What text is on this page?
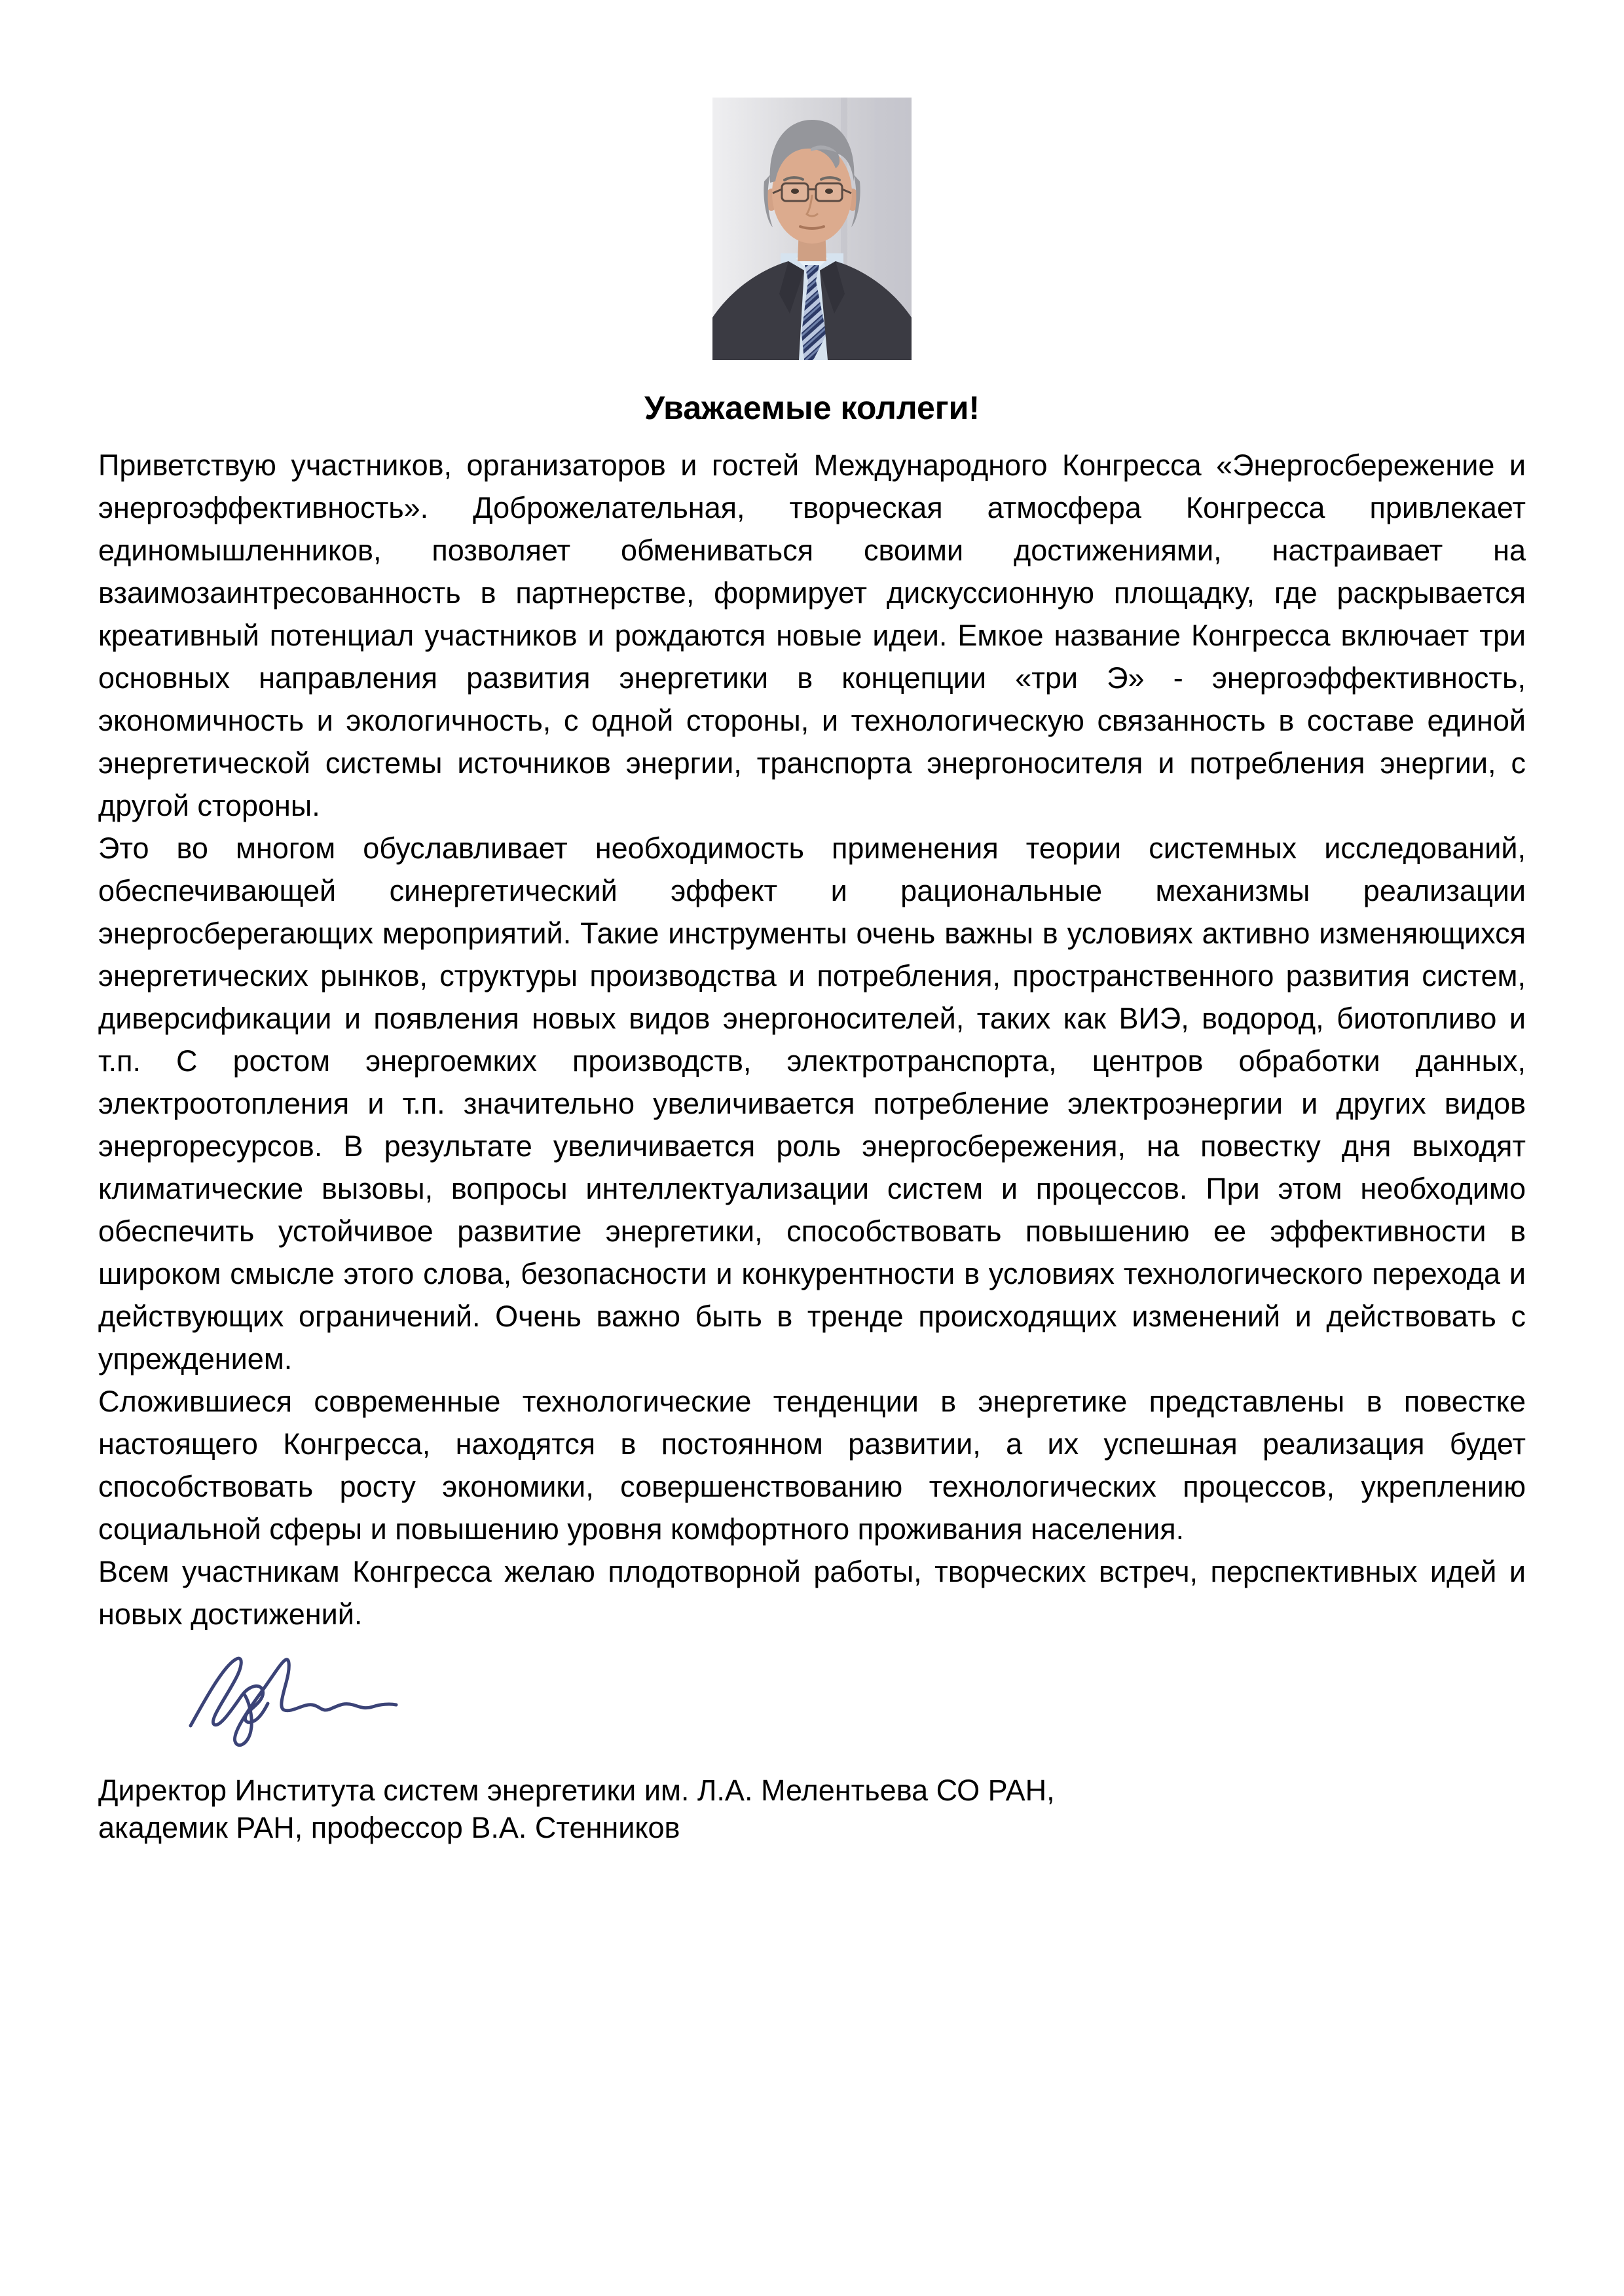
Уважаемые коллеги!

Приветствую участников, организаторов и гостей Международного Конгресса «Энергосбережение и энергоэффективность». Доброжелательная, творческая атмосфера Конгресса привлекает единомышленников, позволяет обмениваться своими достижениями, настраивает на взаимозаинтресованность в партнерстве, формирует дискуссионную площадку, где раскрывается креативный потенциал участников и рождаются новые идеи. Емкое название Конгресса включает три основных направления развития энергетики в концепции «три Э» - энергоэффективность, экономичность и экологичность, с одной стороны, и технологическую связанность в составе единой энергетической системы источников энергии, транспорта энергоносителя и потребления энергии, с другой стороны.

Это во многом обуславливает необходимость применения теории системных исследований, обеспечивающей синергетический эффект и рациональные механизмы реализации энергосберегающих мероприятий. Такие инструменты очень важны в условиях активно изменяющихся энергетических рынков, структуры производства и потребления, пространственного развития систем, диверсификации и появления новых видов энергоносителей, таких как ВИЭ, водород, биотопливо и т.п. С ростом энергоемких производств, электротранспорта, центров обработки данных, электроотопления и т.п. значительно увеличивается потребление электроэнергии и других видов энергоресурсов. В результате увеличивается роль энергосбережения, на повестку дня выходят климатические вызовы, вопросы интеллектуализации систем и процессов. При этом необходимо обеспечить устойчивое развитие энергетики, способствовать повышению ее эффективности в широком смысле этого слова, безопасности и конкурентности в условиях технологического перехода и действующих ограничений. Очень важно быть в тренде происходящих изменений и действовать с упреждением.

Сложившиеся современные технологические тенденции в энергетике представлены в повестке настоящего Конгресса, находятся в постоянном развитии, а их успешная реализация будет способствовать росту экономики, совершенствованию технологических процессов, укреплению социальной сферы и повышению уровня комфортного проживания населения.

Всем участникам Конгресса желаю плодотворной работы, творческих встреч, перспективных идей и новых достижений.

Директор Института систем энергетики им. Л.А. Мелентьева СО РАН,
академик РАН, профессор В.А. Стенников
